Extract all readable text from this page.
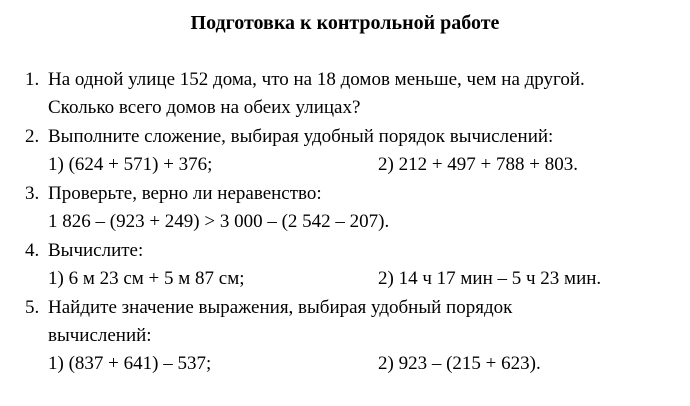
Подготовка к контрольной работе
1. На одной улице 152 дома, что на 18 домов меньше, чем на другой.
Сколько всего домов на обеих улицах?
2. Выполните сложение, выбирая удобный порядок вычислений:
1) (624 + 571) + 376;	2) 212 + 497 + 788 + 803.
3. Проверьте, верно ли неравенство:
1 826 – (923 + 249) > 3 000 – (2 542 – 207).
4. Вычислите:
1) 6 м 23 см + 5 м 87 см;	2) 14 ч 17 мин – 5 ч 23 мин.
5. Найдите значение выражения, выбирая удобный порядок
вычислений:
1) (837 + 641) – 537;	2) 923 – (215 + 623).
